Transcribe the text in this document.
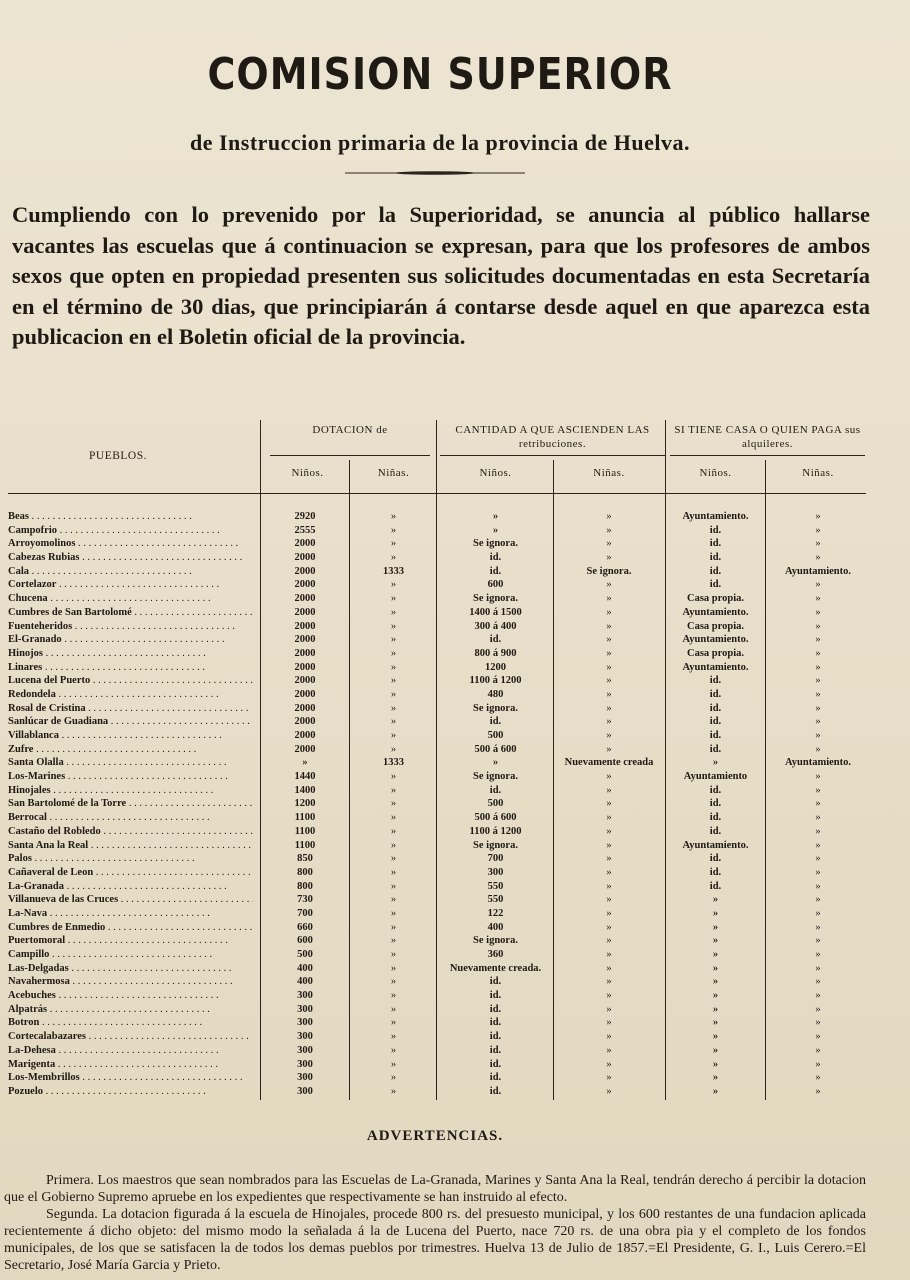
COMISION SUPERIOR
de Instruccion primaria de la provincia de Huelva.
Cumpliendo con lo prevenido por la Superioridad, se anuncia al público hallarse vacantes las escuelas que á continuacion se expresan, para que los profesores de ambos sexos que opten en propiedad presenten sus solicitudes documentadas en esta Secretaría en el término de 30 dias, que principiarán á contarse desde aquel en que aparezca esta publicacion en el Boletin oficial de la provincia.
PUEBLOS.
DOTACION de	CANTIDAD A QUE ASCIENDEN LAS retribuciones.
SI TIENE CASA O QUIEN PAGA sus alquileres.
Niños.	Niñas.	Niños.	Niñas.	Niños.	Niñas.
Beas . . .	2920	»	»	»	Ayuntamiento.	»
Campofrio . . .	2555	»	»	»	id.	»
Arroyomolinos . . .	2000	»	Se ignora.	»	id.	»
Cabezas Rubias . . .	2000	»	id.	»	id.	»
Cala . . .	2000	1333	id.	Se ignora.	id.	Ayuntamiento.
Cortelazor . . .	2000	»	600	»	id.	»
Chucena . . .	2000	»	Se ignora.	»	Casa propia.	»
Cumbres de San Bartolomé . . .	2000	»	1400 á 1500	»	Ayuntamiento.	»
Fuenteheridos . . .	2000	»	300 á 400	»	Casa propia.	»
El-Granado . . .	2000	»	id.	»	Ayuntamiento.	»
Hinojos . . .	2000	»	800 á 900	»	Casa propia.	»
Linares . . .	2000	»	1200	»	Ayuntamiento.	»
Lucena del Puerto . . .	2000	»	1100 á 1200	»	id.	»
Redondela . . .	2000	»	480	»	id.	»
Rosal de Cristina . . .	2000	»	Se ignora.	»	id.	»
Sanlúcar de Guadiana . . .	2000	»	id.	»	id.	»
Villablanca . . .	2000	»	500	»	id.	»
Zufre . . .	2000	»	500 á 600	»	id.	»
Santa Olalla . . .	»	1333	»	Nuevamente creada	»	Ayuntamiento.
Los-Marines . . .	1440	»	Se ignora.	»	Ayuntamiento	»
Hinojales . . .	1400	»	id.	»	id.	»
San Bartolomé de la Torre . . .	1200	»	500	»	id.	»
Berrocal . . .	1100	»	500 á 600	»	id.	»
Castaño del Robledo . . .	1100	»	1100 á 1200	»	id.	»
Santa Ana la Real . . .	1100	»	Se ignora.	»	Ayuntamiento.	»
Palos . . .	850	»	700	»	id.	»
Cañaveral de Leon . . .	800	»	300	»	id.	»
La-Granada . . .	800	»	550	»	id.	»
Villanueva de las Cruces . . .	730	»	550	»	»	»
La-Nava . . .	700	»	122	»	»	»
Cumbres de Enmedio . . .	660	»	400	»	»	»
Puertomoral . . .	600	»	Se ignora.	»	»	»
Campillo . . .	500	»	360	»	»	»
Las-Delgadas . . .	400	»	Nuevamente creada.	»	»	»
Navahermosa . . .	400	»	id.	»	»	»
Acebuches . . .	300	»	id.	»	»	»
Alpatrás . . .	300	»	id.	»	»	»
Botron . . .	300	»	id.	»	»	»
Cortecalabazares . . .	300	»	id.	»	»	»
La-Dehesa . . .	300	»	id.	»	»	»
Marigenta . . .	300	»	id.	»	»	»
Los-Membrillos . . .	300	»	id.	»	»	»
Pozuelo . . .	300	»	id.	»	»	»
ADVERTENCIAS.

Primera. Los maestros que sean nombrados para las Escuelas de La-Granada, Marines y Santa Ana la Real, tendrán derecho á percibir la dotacion que el Gobierno Supremo apruebe en los expedientes que respectivamente se han instruido al efecto.

Segunda. La dotacion figurada á la escuela de Hinojales, procede 800 rs. del presuesto municipal, y los 600 restantes de una fundacion aplicada recientemente á dicho objeto: del mismo modo la señalada á la de Lucena del Puerto, nace 720 rs. de una obra pia y el completo de los fondos municipales, de los que se satisfacen la de todos los demas pueblos por trimestres. Huelva 13 de Julio de 1857.=El Presidente, G. I., Luis Cerero.=El Secretario, José María Garcia y Prieto.
